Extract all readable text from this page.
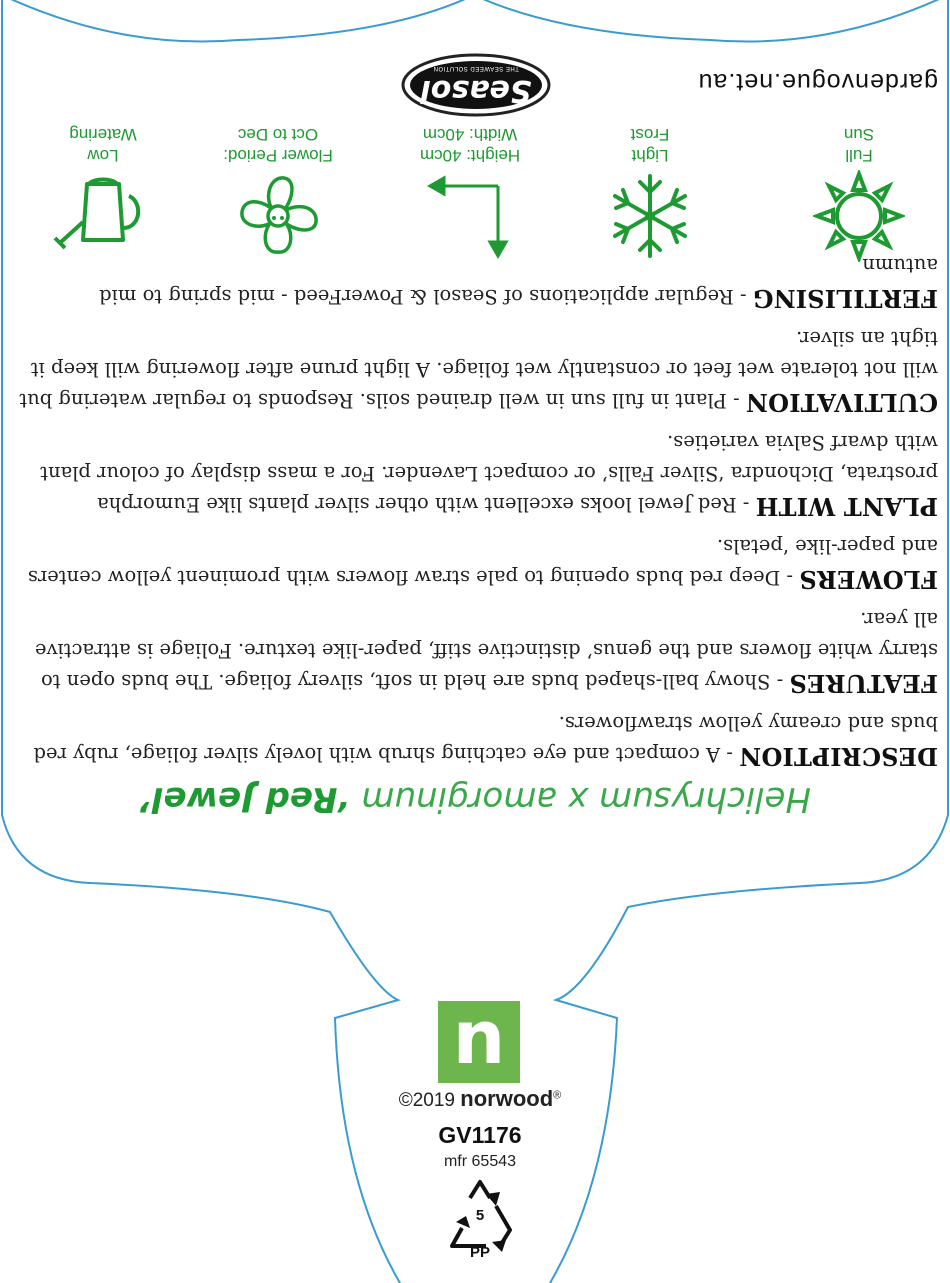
Helichrysum x amorginum ‘Red Jewel’

DESCRIPTION - A compact and eye catching shrub with lovely silver foliage, ruby red buds and creamy yellow strawflowers.

FEATURES - Showy ball-shaped buds are held in soft, silvery foliage. The buds open to starry white flowers and the genus’ distinctive stiff, paper-like texture. Foliage is attractive all year.

FLOWERS - Deep red buds opening to pale straw flowers with prominent yellow centers and paper-like ‘petals.

PLANT WITH - Red Jewel looks excellent with other silver plants like Eumorpha prostrata, Dichondra ‘Silver Falls’ or compact Lavender. For a mass display of colour plant with dwarf Salvia varieties.

CULTIVATION - Plant in full sun in well drained soils. Responds to regular watering but will not tolerate wet feet or constantly wet foliage. A light prune after flowering will keep it tight an silver.

FERTILISING - Regular applications of Seasol & PowerFeed - mid spring to mid autumn.

Full
Sun
Light
Frost
Height: 40cm
Width: 40cm
Flower Period:
Oct to Dec
Low
Watering
gardenvogue.net.au
Seasol
THE SEAWEED SOLUTION
n
©2019 norwood®
GV1176
mfr 65543
5
PP
